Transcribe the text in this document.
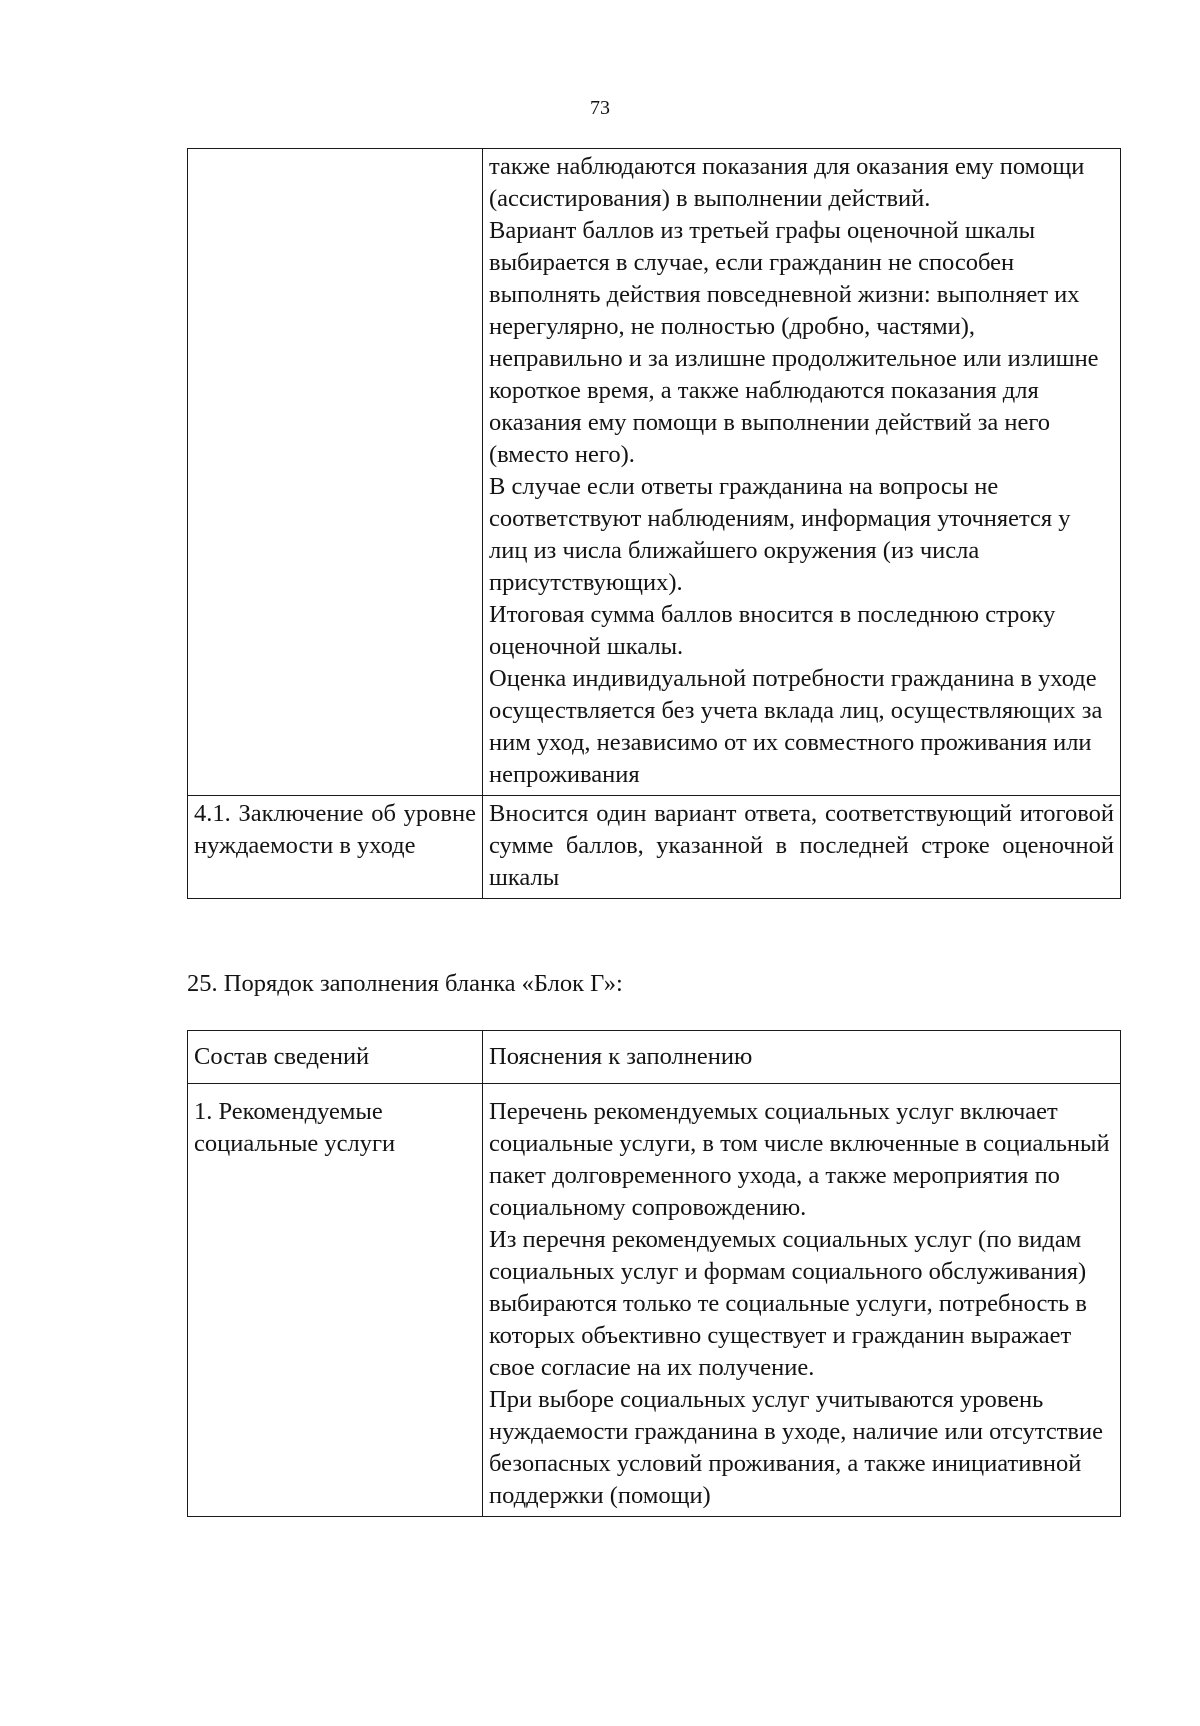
73

	также наблюдаются показания для оказания ему помощи (ассистирования) в выполнении действий.
Вариант баллов из третьей графы оценочной шкалы выбирается в случае, если гражданин не способен выполнять действия повседневной жизни: выполняет их нерегулярно, не полностью (дробно, частями), неправильно и за излишне продолжительное или излишне короткое время, а также наблюдаются показания для оказания ему помощи в выполнении действий за него (вместо него).
В случае если ответы гражданина на вопросы не соответствуют наблюдениям, информация уточняется у лиц из числа ближайшего окружения (из числа присутствующих).
Итоговая сумма баллов вносится в последнюю строку оценочной шкалы.
Оценка индивидуальной потребности гражданина в уходе осуществляется без учета вклада лиц, осуществляющих за ним уход, независимо от их совместного проживания или непроживания

4.1. Заключение об уровне нуждаемости в уходе	Вносится один вариант ответа, соответствующий итоговой сумме баллов, указанной в последней строке оценочной шкалы
25. Порядок заполнения бланка «Блок Г»:
Состав сведений	Пояснения к заполнению
1. Рекомендуемые социальные услуги	Перечень рекомендуемых социальных услуг включает социальные услуги, в том числе включенные в социальный пакет долговременного ухода, а также мероприятия по социальному сопровождению.
Из перечня рекомендуемых социальных услуг (по видам социальных услуг и формам социального обслуживания) выбираются только те социальные услуги, потребность в которых объективно существует и гражданин выражает свое согласие на их получение.
При выборе социальных услуг учитываются уровень нуждаемости гражданина в уходе, наличие или отсутствие безопасных условий проживания, а также инициативной поддержки (помощи)
